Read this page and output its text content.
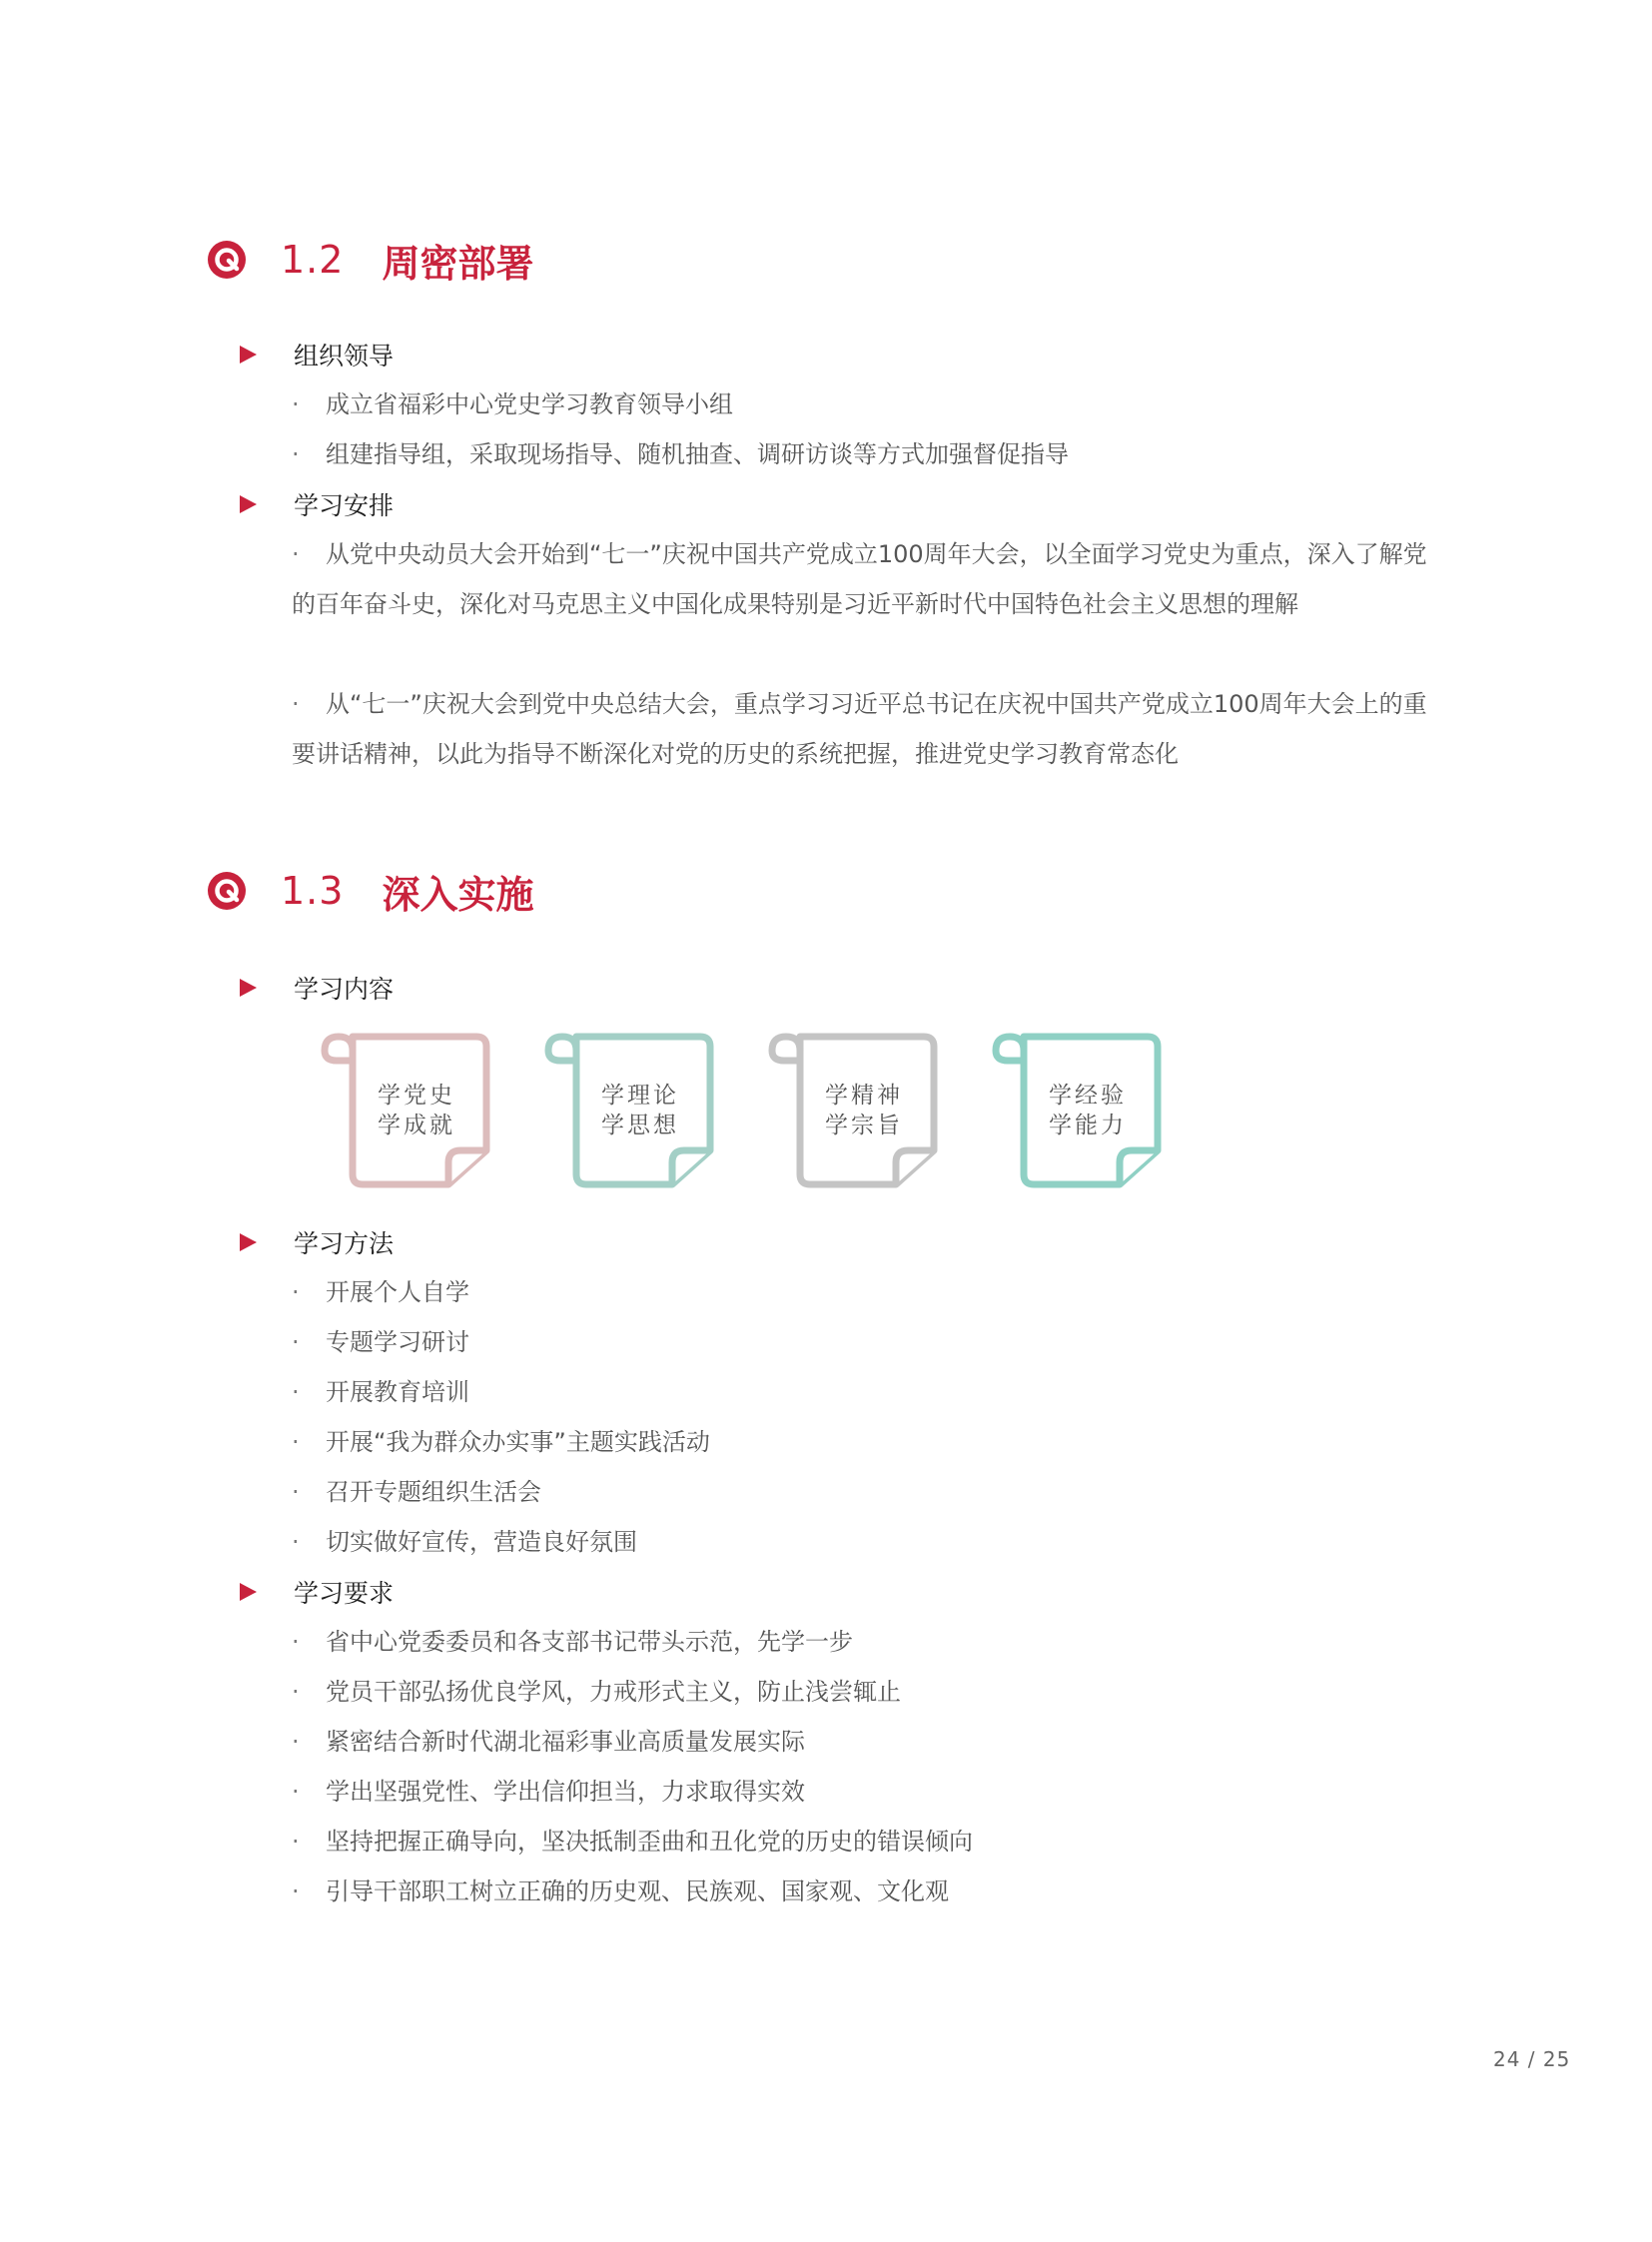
1.2 周密部署
组织领导
· 成立省福彩中心党史学习教育领导小组
· 组建指导组，采取现场指导、随机抽查、调研访谈等方式加强督促指导
学习安排
· 从党中央动员大会开始到“七一”庆祝中国共产党成立100周年大会，以全面学习党史为重点，深入了解党的百年奋斗史，深化对马克思主义中国化成果特别是习近平新时代中国特色社会主义思想的理解
· 从“七一”庆祝大会到党中央总结大会，重点学习习近平总书记在庆祝中国共产党成立100周年大会上的重要讲话精神，以此为指导不断深化对党的历史的系统把握，推进党史学习教育常态化
1.3 深入实施
学习内容
学党史
学成就
学理论
学思想
学精神
学宗旨
学经验
学能力
学习方法
· 开展个人自学
· 专题学习研讨
· 开展教育培训
· 开展“我为群众办实事”主题实践活动
· 召开专题组织生活会
· 切实做好宣传，营造良好氛围
学习要求
· 省中心党委委员和各支部书记带头示范，先学一步
· 党员干部弘扬优良学风，力戒形式主义，防止浅尝辄止
· 紧密结合新时代湖北福彩事业高质量发展实际
· 学出坚强党性、学出信仰担当，力求取得实效
· 坚持把握正确导向，坚决抵制歪曲和丑化党的历史的错误倾向
· 引导干部职工树立正确的历史观、民族观、国家观、文化观
24 / 25
